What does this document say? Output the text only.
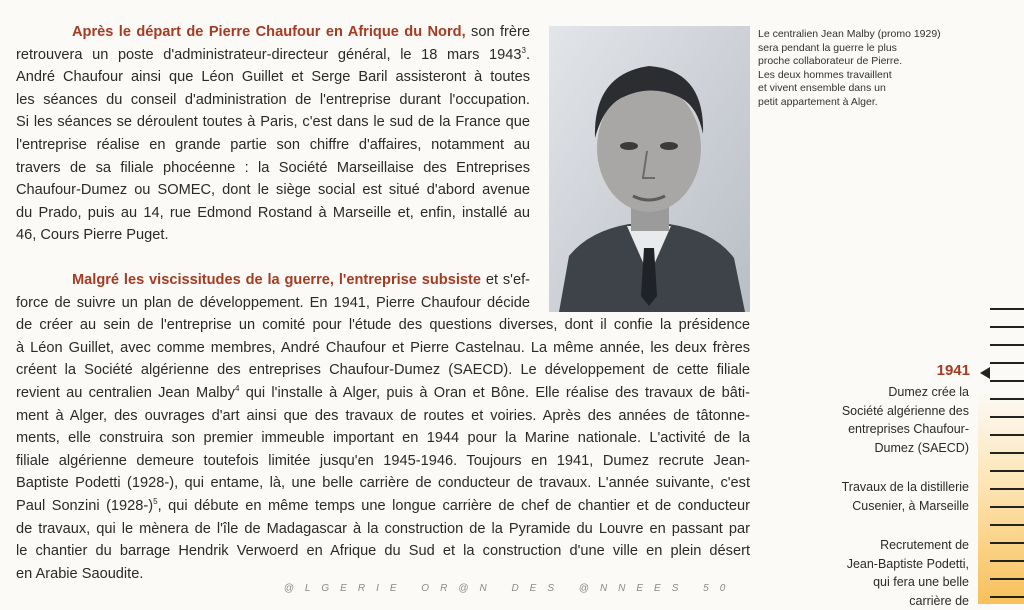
Après le départ de Pierre Chaufour en Afrique du Nord, son frère
retrouvera un poste d'administrateur-directeur général, le 18 mars 1943$^3$.
André Chaufour ainsi que Léon Guillet et Serge Baril assisteront à toutes
les séances du conseil d'administration de l'entreprise durant l'occupation.
Si les séances se déroulent toutes à Paris, c'est dans le sud de la France que
l'entreprise réalise en grande partie son chiffre d'affaires, notamment au
travers de sa filiale phocéenne : la Société Marseillaise des Entreprises
Chaufour-Dumez ou SOMEC, dont le siège social est situé d'abord avenue
du Prado, puis au 14, rue Edmond Rostand à Marseille et, enfin, installé au
46, Cours Pierre Puget.
Le centralien Jean Malby (promo 1929)
sera pendant la guerre le plus
proche collaborateur de Pierre.
Les deux hommes travaillent
et vivent ensemble dans un
petit appartement à Alger.
Malgré les viscissitudes de la guerre, l'entreprise subsiste et s'ef-
force de suivre un plan de développement. En 1941, Pierre Chaufour décide
de créer au sein de l'entreprise un comité pour l'étude des questions diverses, dont il confie la présidence
à Léon Guillet, avec comme membres, André Chaufour et Pierre Castelnau. La même année, les deux frères
créent la Société algérienne des entreprises Chaufour-Dumez (SAECD). Le développement de cette filiale
revient au centralien Jean Malby$^4$ qui l'installe à Alger, puis à Oran et Bône. Elle réalise des travaux de bâti-
ment à Alger, des ouvrages d'art ainsi que des travaux de routes et voiries. Après des années de tâtonne-
ments, elle construira son premier immeuble important en 1944 pour la Marine nationale. L'activité de la
filiale algérienne demeure toutefois limitée jusqu'en 1945-1946. Toujours en 1941, Dumez recrute Jean-
Baptiste Podetti (1928-), qui entame, là, une belle carrière de conducteur de travaux. L'année suivante, c'est
Paul Sonzini $(1928-)^5$, qui débute en même temps une longue carrière de chef de chantier et de conducteur
de travaux, qui le mènera de l'île de Madagascar à la construction de la Pyramide du Louvre en passant par
le chantier du barrage Hendrik Verwoerd en Afrique du Sud et la construction d'une ville en plein désert
en Arabie Saoudite.
1941
Dumez crée la
Société algérienne des
entreprises Chaufour-
Dumez (SAECD)
Travaux de la distillerie
Cusenier, à Marseille
Recrutement de
Jean-Baptiste Podetti,
qui fera une belle
carrière de
@LGERIE OR@N DES @NNEES 50
